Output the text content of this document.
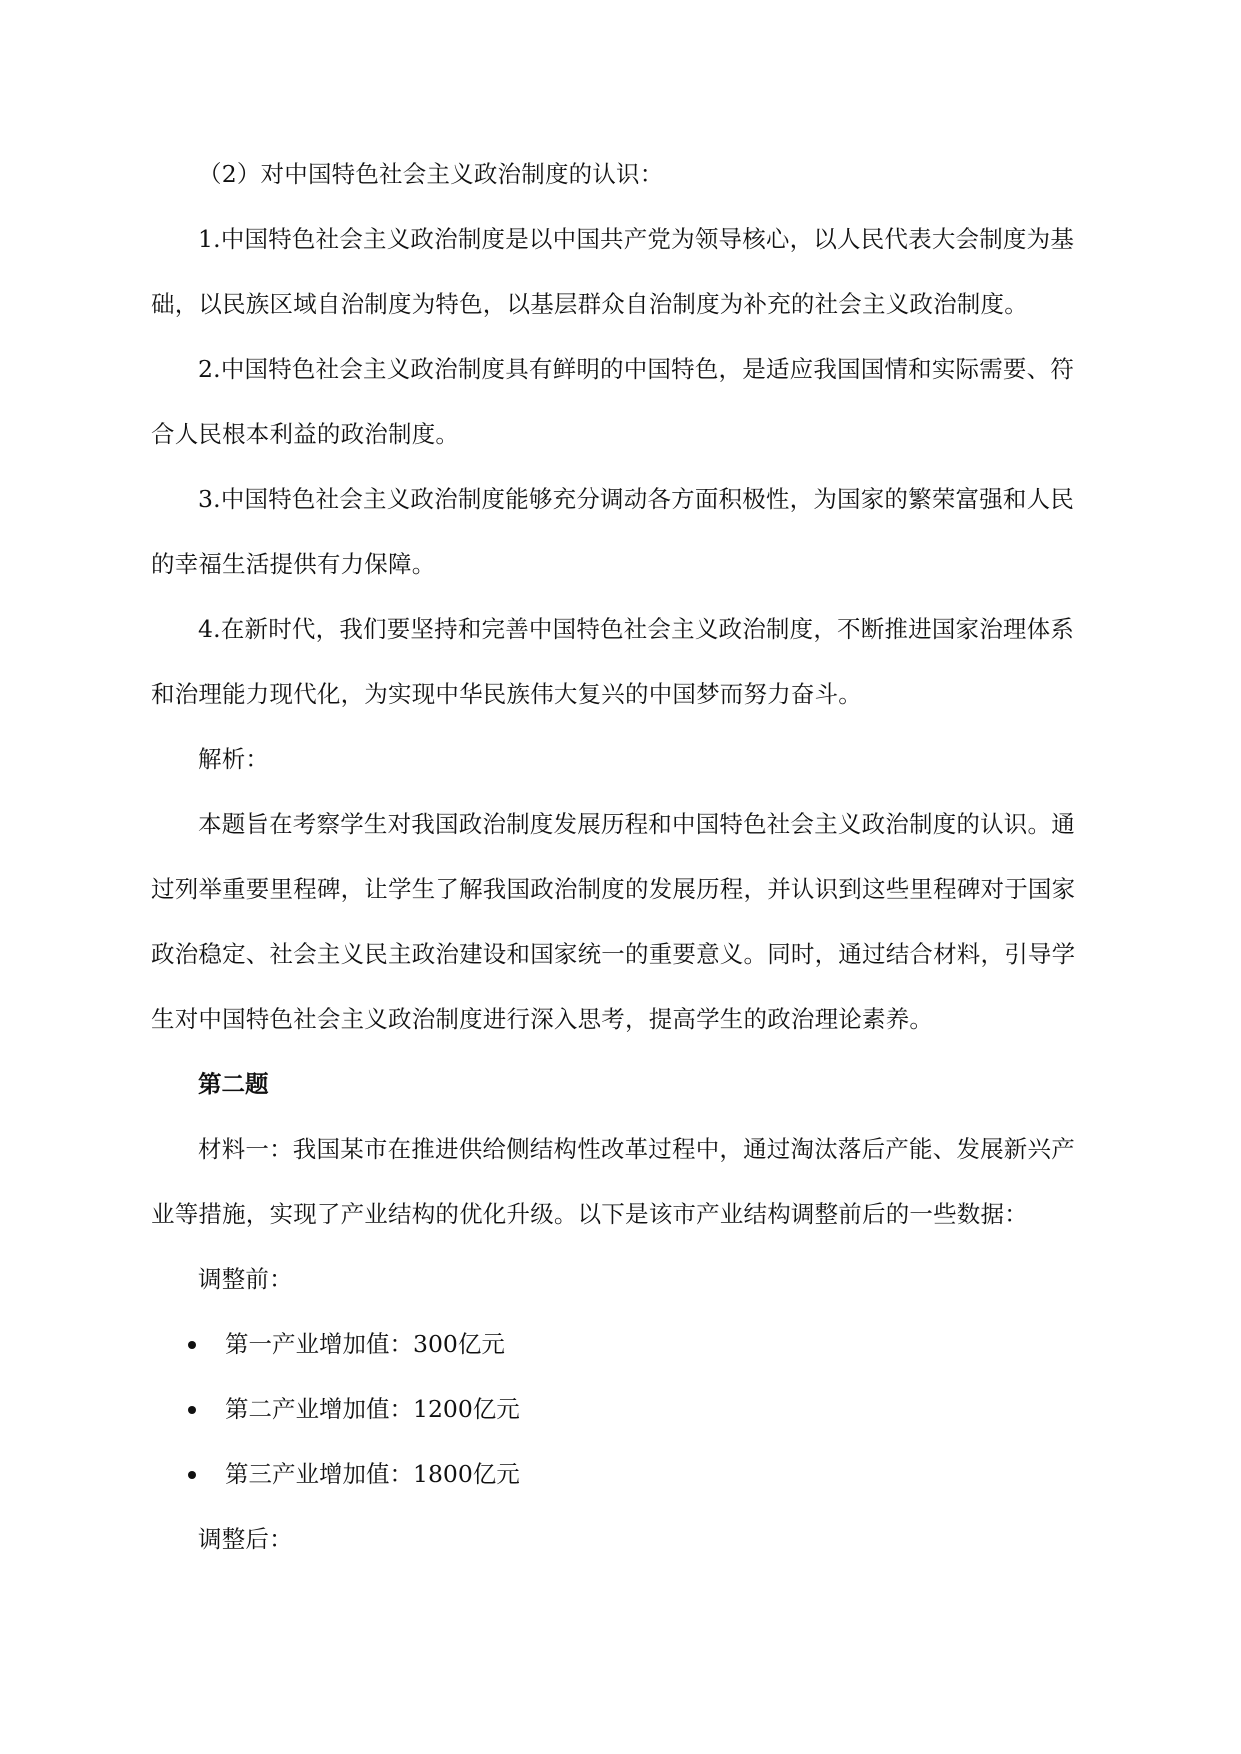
（2）对中国特色社会主义政治制度的认识：

1.中国特色社会主义政治制度是以中国共产党为领导核心，以人民代表大会制度为基础，以民族区域自治制度为特色，以基层群众自治制度为补充的社会主义政治制度。

2.中国特色社会主义政治制度具有鲜明的中国特色，是适应我国国情和实际需要、符合人民根本利益的政治制度。

3.中国特色社会主义政治制度能够充分调动各方面积极性，为国家的繁荣富强和人民的幸福生活提供有力保障。

4.在新时代，我们要坚持和完善中国特色社会主义政治制度，不断推进国家治理体系和治理能力现代化，为实现中华民族伟大复兴的中国梦而努力奋斗。

解析：

本题旨在考察学生对我国政治制度发展历程和中国特色社会主义政治制度的认识。通过列举重要里程碑，让学生了解我国政治制度的发展历程，并认识到这些里程碑对于国家政治稳定、社会主义民主政治建设和国家统一的重要意义。同时，通过结合材料，引导学生对中国特色社会主义政治制度进行深入思考，提高学生的政治理论素养。

第二题

材料一：我国某市在推进供给侧结构性改革过程中，通过淘汰落后产能、发展新兴产业等措施，实现了产业结构的优化升级。以下是该市产业结构调整前后的一些数据：

调整前：

第一产业增加值：300亿元
第二产业增加值：1200亿元
第三产业增加值：1800亿元

调整后：
